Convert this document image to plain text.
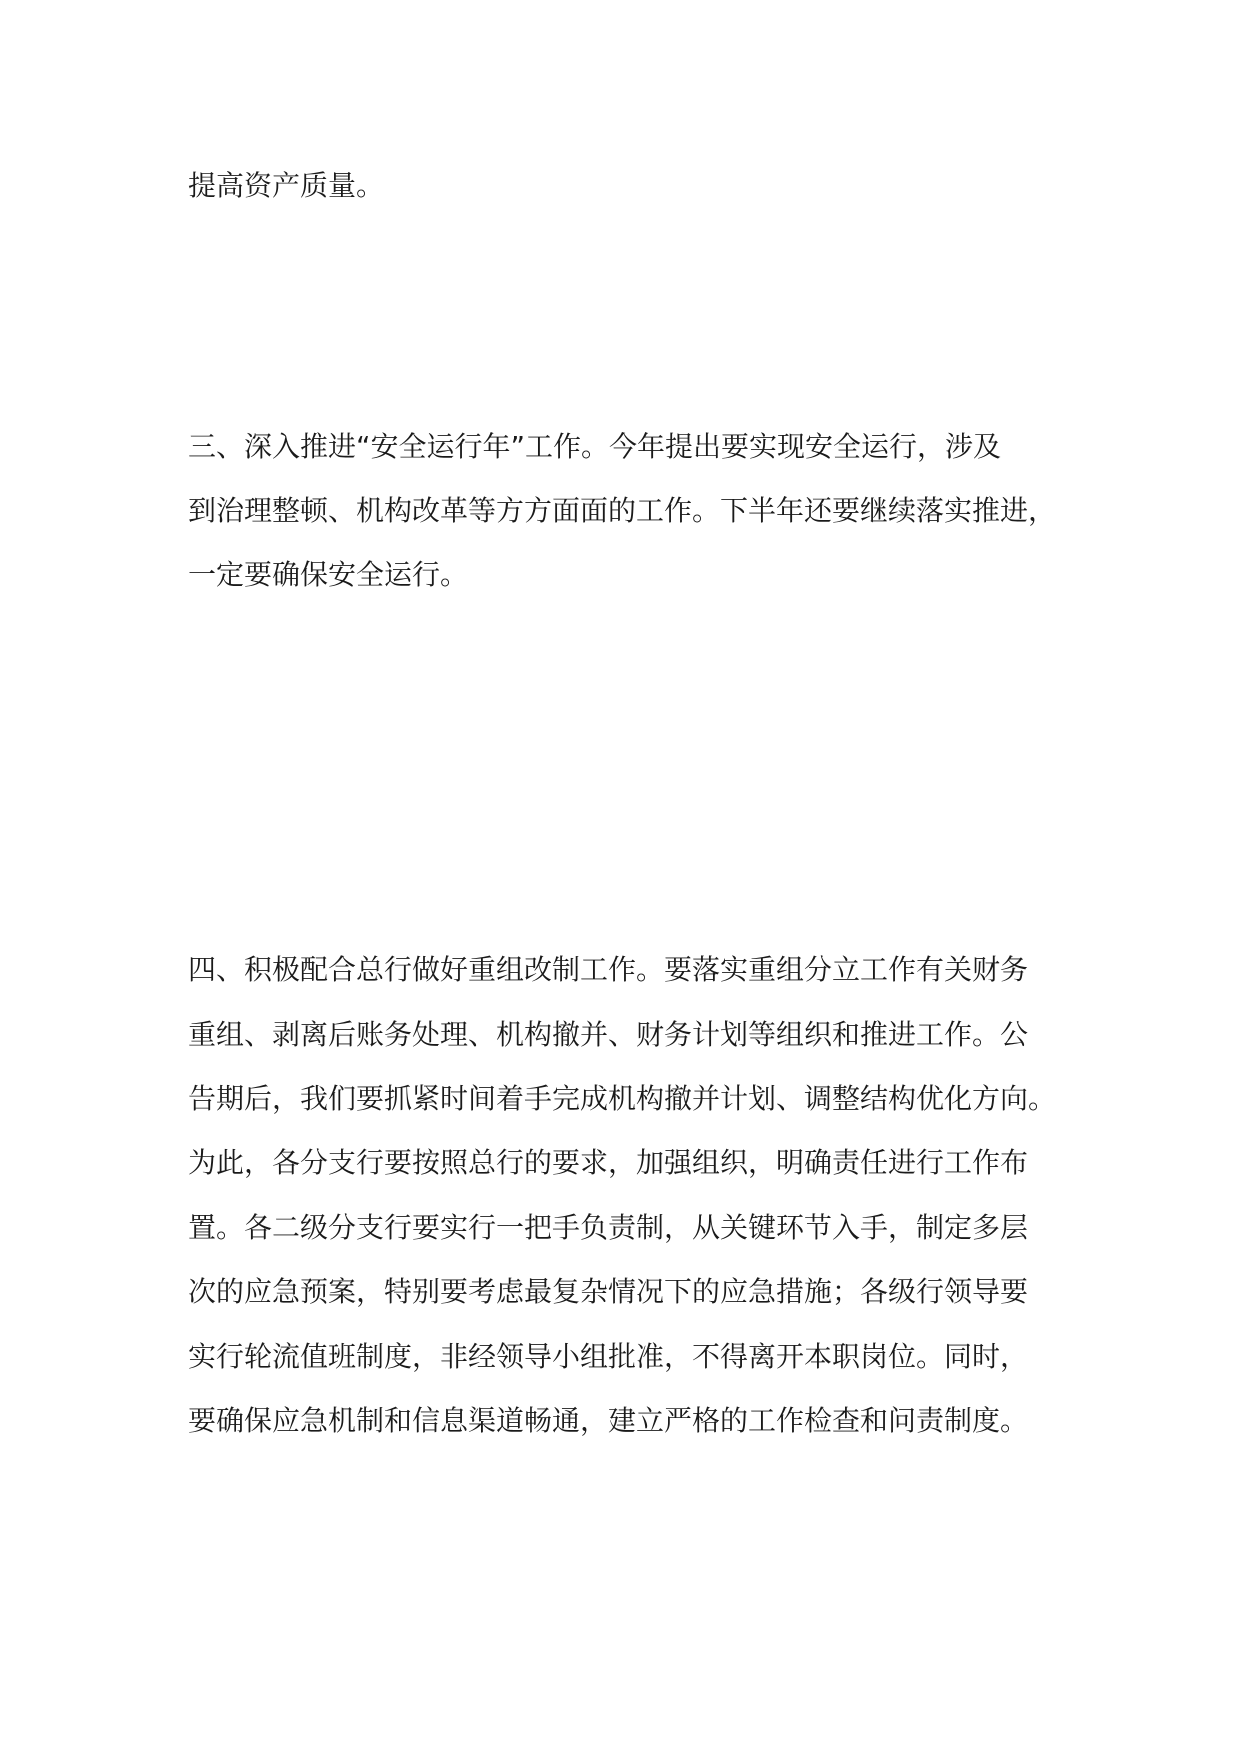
提高资产质量。
三、深入推进“安全运行年”工作。今年提出要实现安全运行，涉及
到治理整顿、机构改革等方方面面的工作。下半年还要继续落实推进，
一定要确保安全运行。
四、积极配合总行做好重组改制工作。要落实重组分立工作有关财务
重组、剥离后账务处理、机构撤并、财务计划等组织和推进工作。公
告期后，我们要抓紧时间着手完成机构撤并计划、调整结构优化方向。
为此，各分支行要按照总行的要求，加强组织，明确责任进行工作布
置。各二级分支行要实行一把手负责制，从关键环节入手，制定多层
次的应急预案，特别要考虑最复杂情况下的应急措施；各级行领导要
实行轮流值班制度，非经领导小组批准，不得离开本职岗位。同时，
要确保应急机制和信息渠道畅通，建立严格的工作检查和问责制度。
